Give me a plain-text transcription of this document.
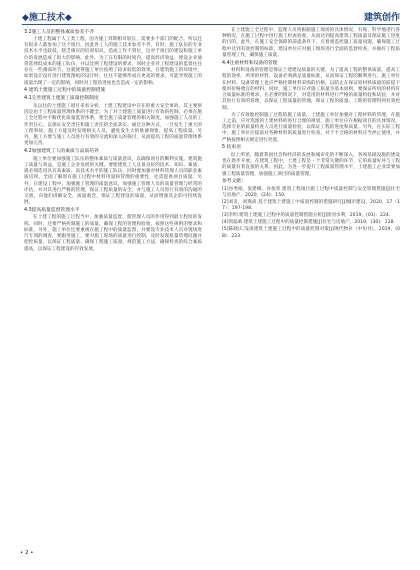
◆施工技术◆	建筑创作
3.2施工人员的整体素质参差不齐

土建工程属于人工类工程，因为施工周期相对较长，需要多个部门的配合，所以还有很多人都参加了这个项目，因此各工人的施工技术参差不齐，有时，施工队伍的专业技术水平也较低，缺乏相应的培训知识，造成工作不到位，这对于项目的建设和施工单位的发展造成了很大的影响。此外，为了在有限的时间内，提高经济效益，建设企业通常选择低成本的施工队伍，并以比例工程建设的要求，同时企业对工程建设的监督往往存在一些薄弱环节，这就使得施工单位按照了较多较低的效果。在建筑施工的环境中，如果设计没有进行建筑图纸的设计时，往往不能够形成在更高的要求，可能导致施工的质量出现了一定的影响，同时对工程的进度也会造成一定的影响。

4 建筑土建施工过程中的质量控制措施
4.1完善建筑土建施工质量控制制度

从以往的土建施工项目来看分析，土建工程建设中存在的重大安全事故，其主要原因是由于工程质量管理体系的不健全。为了对土建施工质量进行有效的控制，必须在施工全过程中不断优化质量监管体系，建全施工质量管理的相关制度，加强施工人员的工作责任心，以保证安全责任和施工责任的全面落实。通过这种方式，一旦发生了重大的工程事故，施工方能及时发现相关人员，避免发生大的推诿现象。提高工程质量。另外，施工方要与施工人员进行有效的交流和深入的探讨，从而提高工程的质量管理体系更加完善。

4.2加强建筑工人的素质与品质培养

施工单位要加强施工队伍的整体素质与质量意识，以确保项目的顺利实施。建筑施工质量与效益，是施工企业发展的关键。要使建筑工人具备良好的技术、知识、素质，就必须选用具有高素质、高技术水平的施工队伍，同时要加强对材料管理人员的职业素质培训，全面了解原有施工过程中材料用量和管理的重要性，还需提供项目质量。另外，在建设工程中，加强施工管理的质量意识，加强施工管理人员的质量管理与经常的评估，并对其进行严格的管理，保证工程质量的安全，并与施工人员进行有效的沟通的交流，向他们讲解安全，质量观念，保证工程建设的质量，从而增强其企的可持续发展。

4.3提高质量监督管理水平

在土建工程的施工过程当中，加强质量监督，使管理人员的作用得到最大程度的发挥。同时，还要严格控制施工的质量，确保工程的管理和验收，按照这些规则的要求和标准，另外，施工单位还要重视在施工程中的质量监督，并要设专业技术人员对现场进行专项的调查，要跟进施工，要对施工现场的质量进行控制，及时发现质量管理问题并把控质量，以保证工程质量。确保工程施工质量，规范施工方法，确保检查的综合素质提高，以保证工程建设的有效发展。

在土建施工全过程中，监理人员将根据施工现场的具体情况，有规、科学地进行各种情况，在施工过程中进行施工检查验收，从而达到提高建筑工程质量及保证施工进度的目的。此外，在施工安全保障的前提条件下，应着重监控施工质量问题，确保施工过程中达到有效控制的标准，建设单位应对施工现场进行全面的监督检查，并做好工程质量管理工作，确保施工质量。

4.4注重材料和设备的管理

材料和设备的管理是保证土建建设质量的关键。为了提高工程的整体质量，提高工程的效率，所用的材料、设备必须满足质量标准，从而保证工程的顺利进行。施工单位在材料、设备管理上也应严格控制材料采购的价格，以防止在保证原材料质量的前提下使用价格便宜的材料。同时，施工单位应对施工质量为基本原则，要保证所用的材料符合质量标准的要求，在必要的情况下，对选用的材料进行严格的质量检验和试验，并对其进行有效的管理，以保证工程质量的管理，保证工程的质量、工期的管理得到有效控制。

为了有效地控制施工过程的施工质量，土建施工单位加强对工程材料的管理，在施工之前，应对选派的土建材料的进行合理的规划，施工单位应在根据项目的具体情况，选择专业的质量检查人员进行质量检验，以保证工程的进度和质量。另外，在实际工程中，施工单位应提前对各种材料的质量进行检查，对于不合格的材料应当停止使用，并严格按照相关规定进行处置。

5 结束语

综上所述，随着我国社会和经济的发展和城市化的不断深入，各项基础设施的建设也在逐步开展。在建筑工程中，土建工程是一个非常关键的环节，它的质量好坏与工程的质量有着直接的关系。因此，为进一步提升工程质量管理水平，土建施工企业需要加强工程质量管理，加强施工项目的质量管理。

参考文献：

[1]谷秀娟，张建峰。谷加荣.建筑工程项目施工过程中质量控制与安全管理措施[J]住宅与房地产，2020，(24)：150.

[2]刘炎，刘燕尚.基于建筑土建施工中质量控制的措施研究[J]城市建设，2020，17（17）：197-198.

[3]李明.建筑土建施工过程中的质量控制措施分析[J]黑河水利，2019，(01)：224.

[4]周磊莉.建筑土建施工过程中的质量控制措施[J]住宅与房地产，2019，(30)：128.

[5]陈晓庆.浅谈建筑土建施工过程中的质量控制对策[J]现代物业（中旬刊），2019，(08)：223.

• 2 •
